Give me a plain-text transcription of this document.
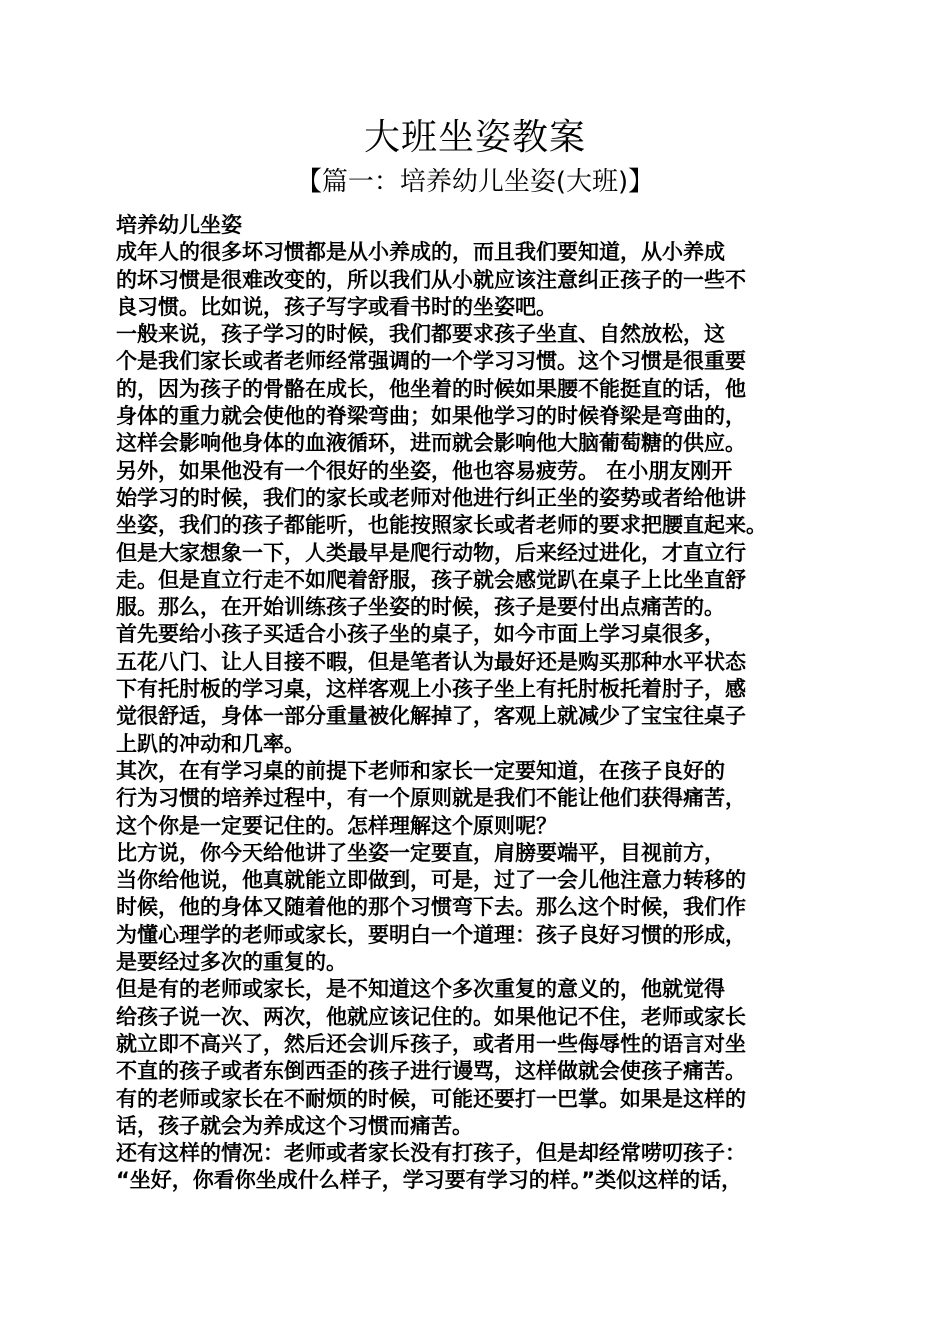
大班坐姿教案
【篇一：培养幼儿坐姿(大班)】
培养幼儿坐姿
成年人的很多坏习惯都是从小养成的，而且我们要知道，从小养成
的坏习惯是很难改变的，所以我们从小就应该注意纠正孩子的一些不
良习惯。比如说，孩子写字或看书时的坐姿吧。
一般来说，孩子学习的时候，我们都要求孩子坐直、自然放松，这
个是我们家长或者老师经常强调的一个学习习惯。这个习惯是很重要
的，因为孩子的骨骼在成长，他坐着的时候如果腰不能挺直的话，他
身体的重力就会使他的脊梁弯曲；如果他学习的时候脊梁是弯曲的，
这样会影响他身体的血液循环，进而就会影响他大脑葡萄糖的供应。
另外，如果他没有一个很好的坐姿，他也容易疲劳。 在小朋友刚开
始学习的时候，我们的家长或老师对他进行纠正坐的姿势或者给他讲
坐姿，我们的孩子都能听，也能按照家长或者老师的要求把腰直起来。
但是大家想象一下，人类最早是爬行动物，后来经过进化，才直立行
走。但是直立行走不如爬着舒服，孩子就会感觉趴在桌子上比坐直舒
服。那么，在开始训练孩子坐姿的时候，孩子是要付出点痛苦的。
首先要给小孩子买适合小孩子坐的桌子，如今市面上学习桌很多，
五花八门、让人目接不暇，但是笔者认为最好还是购买那种水平状态
下有托肘板的学习桌，这样客观上小孩子坐上有托肘板托着肘子，感
觉很舒适，身体一部分重量被化解掉了，客观上就减少了宝宝往桌子
上趴的冲动和几率。
其次，在有学习桌的前提下老师和家长一定要知道，在孩子良好的
行为习惯的培养过程中，有一个原则就是我们不能让他们获得痛苦，
这个你是一定要记住的。怎样理解这个原则呢？
比方说，你今天给他讲了坐姿一定要直，肩膀要端平，目视前方，
当你给他说，他真就能立即做到，可是，过了一会儿他注意力转移的
时候，他的身体又随着他的那个习惯弯下去。那么这个时候，我们作
为懂心理学的老师或家长，要明白一个道理：孩子良好习惯的形成，
是要经过多次的重复的。
但是有的老师或家长，是不知道这个多次重复的意义的，他就觉得
给孩子说一次、两次，他就应该记住的。如果他记不住，老师或家长
就立即不高兴了，然后还会训斥孩子，或者用一些侮辱性的语言对坐
不直的孩子或者东倒西歪的孩子进行谩骂，这样做就会使孩子痛苦。
有的老师或家长在不耐烦的时候，可能还要打一巴掌。如果是这样的
话，孩子就会为养成这个习惯而痛苦。
还有这样的情况：老师或者家长没有打孩子，但是却经常唠叨孩子：
“坐好，你看你坐成什么样子，学习要有学习的样。”类似这样的话，
